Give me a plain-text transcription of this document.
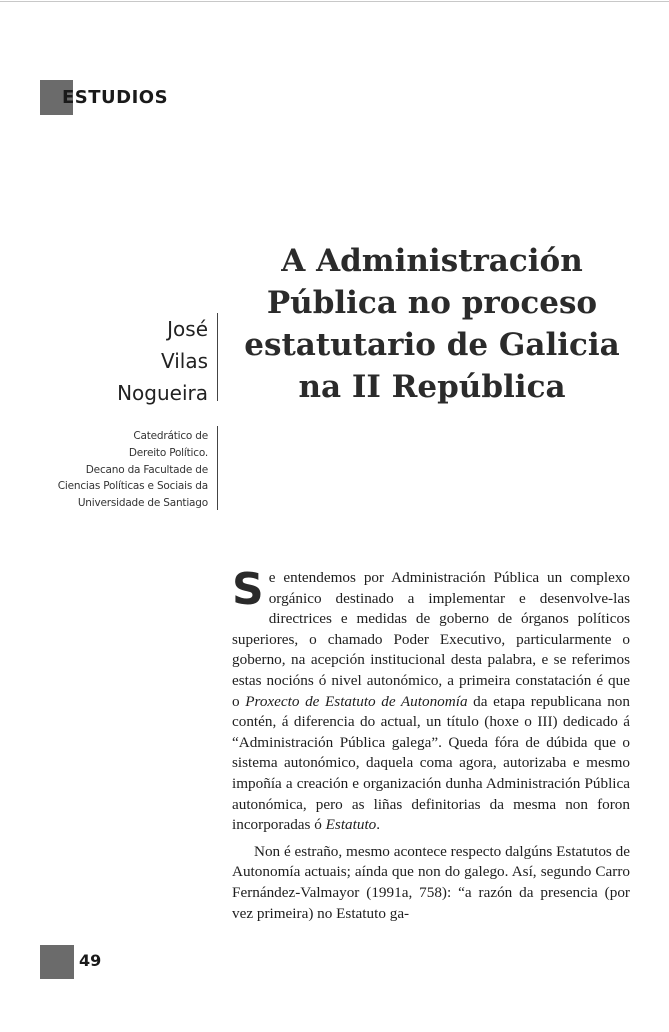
ESTUDIOS
A Administración
Pública no proceso
estatutario de Galicia
na II República
José
Vilas
Nogueira
Catedrático de
Dereito Político.
Decano da Facultade de
Ciencias Políticas e Sociais da
Universidade de Santiago

Se entendemos por Administración Pública un complexo orgánico destinado a implementar e desenvolve-las directrices e medidas de goberno de órganos políticos superiores, o chamado Poder Executivo, particularmente o goberno, na acepción institucional desta palabra, e se referimos estas nocións ó nivel autonómico, a primeira constatación é que o Proxecto de Estatuto de Autonomía da etapa republicana non contén, á diferencia do actual, un título (hoxe o III) dedicado á “Administración Pública galega”. Queda fóra de dúbida que o sistema autonómico, daquela coma agora, autorizaba e mesmo impoñía a creación e organización dunha Administración Pública autonómica, pero as liñas definitorias da mesma non foron incorporadas ó Estatuto.

Non é estraño, mesmo acontece respecto dalgúns Estatutos de Autonomía actuais; aínda que non do galego. Así, segundo Carro Fernández-Valmayor (1991a, 758): “a razón da presencia (por vez primeira) no Estatuto ga-

49
